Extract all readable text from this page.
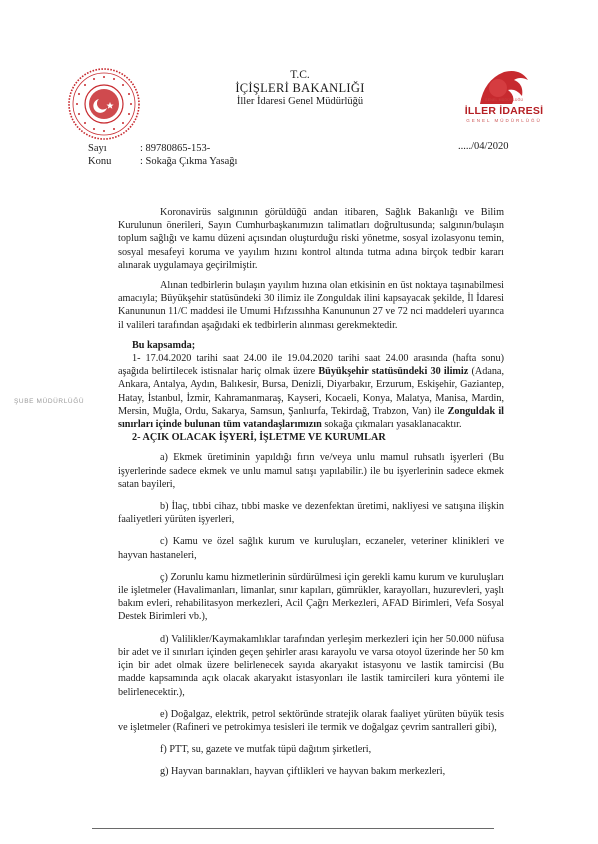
GENEL MÜDÜRLÜĞÜ
İLLER İDARESİ
GENEL MÜDÜRLÜĞÜ
T.C.
İÇİŞLERİ BAKANLIĞI
İller İdaresi Genel Müdürlüğü
Sayı	: 89780865-153-
Konu	: Sokağa Çıkma Yasağı
...../04/2020
ŞUBE MÜDÜRLÜĞÜ

Koronavirüs salgınının görüldüğü andan itibaren, Sağlık Bakanlığı ve Bilim Kurulunun önerileri, Sayın Cumhurbaşkanımızın talimatları doğrultusunda; salgının/bulaşın toplum sağlığı ve kamu düzeni açısından oluşturduğu riski yönetme, sosyal izolasyonu temin, sosyal mesafeyi koruma ve yayılım hızını kontrol altında tutma adına birçok tedbir kararı alınarak uygulamaya geçirilmiştir.

Alınan tedbirlerin bulaşın yayılım hızına olan etkisinin en üst noktaya taşınabilmesi amacıyla; Büyükşehir statüsündeki 30 ilimiz ile Zonguldak ilini kapsayacak şekilde, İl İdaresi Kanununun 11/C maddesi ile Umumi Hıfzıssıhha Kanununun 27 ve 72 nci maddeleri uyarınca il valileri tarafından aşağıdaki ek tedbirlerin alınması gerekmektedir.

Bu kapsamda;

1- 17.04.2020 tarihi saat 24.00 ile 19.04.2020 tarihi saat 24.00 arasında (hafta sonu) aşağıda belirtilecek istisnalar hariç olmak üzere Büyükşehir statüsündeki 30 ilimiz (Adana, Ankara, Antalya, Aydın, Balıkesir, Bursa, Denizli, Diyarbakır, Erzurum, Eskişehir, Gaziantep, Hatay, İstanbul, İzmir, Kahramanmaraş, Kayseri, Kocaeli, Konya, Malatya, Manisa, Mardin, Mersin, Muğla, Ordu, Sakarya, Samsun, Şanlıurfa, Tekirdağ, Trabzon, Van) ile Zonguldak il sınırları içinde bulunan tüm vatandaşlarımızın sokağa çıkmaları yasaklanacaktır.

2- AÇIK OLACAK İŞYERİ, İŞLETME VE KURUMLAR

a) Ekmek üretiminin yapıldığı fırın ve/veya unlu mamul ruhsatlı işyerleri (Bu işyerlerinde sadece ekmek ve unlu mamul satışı yapılabilir.) ile bu işyerlerinin sadece ekmek satan bayileri,

b) İlaç, tıbbi cihaz, tıbbi maske ve dezenfektan üretimi, nakliyesi ve satışına ilişkin faaliyetleri yürüten işyerleri,

c) Kamu ve özel sağlık kurum ve kuruluşları, eczaneler, veteriner klinikleri ve hayvan hastaneleri,

ç) Zorunlu kamu hizmetlerinin sürdürülmesi için gerekli kamu kurum ve kuruluşları ile işletmeler (Havalimanları, limanlar, sınır kapıları, gümrükler, karayolları, huzurevleri, yaşlı bakım evleri, rehabilitasyon merkezleri, Acil Çağrı Merkezleri, AFAD Birimleri, Vefa Sosyal Destek Birimleri vb.),

d) Valilikler/Kaymakamlıklar tarafından yerleşim merkezleri için her 50.000 nüfusa bir adet ve il sınırları içinden geçen şehirler arası karayolu ve varsa otoyol üzerinde her 50 km için bir adet olmak üzere belirlenecek sayıda akaryakıt istasyonu ve lastik tamircisi (Bu madde kapsamında açık olacak akaryakıt istasyonları ile lastik tamircileri kura yöntemi ile belirlenecektir.),

e) Doğalgaz, elektrik, petrol sektöründe stratejik olarak faaliyet yürüten büyük tesis ve işletmeler (Rafineri ve petrokimya tesisleri ile termik ve doğalgaz çevrim santralleri gibi),

f) PTT, su, gazete ve mutfak tüpü dağıtım şirketleri,

g) Hayvan barınakları, hayvan çiftlikleri ve hayvan bakım merkezleri,
